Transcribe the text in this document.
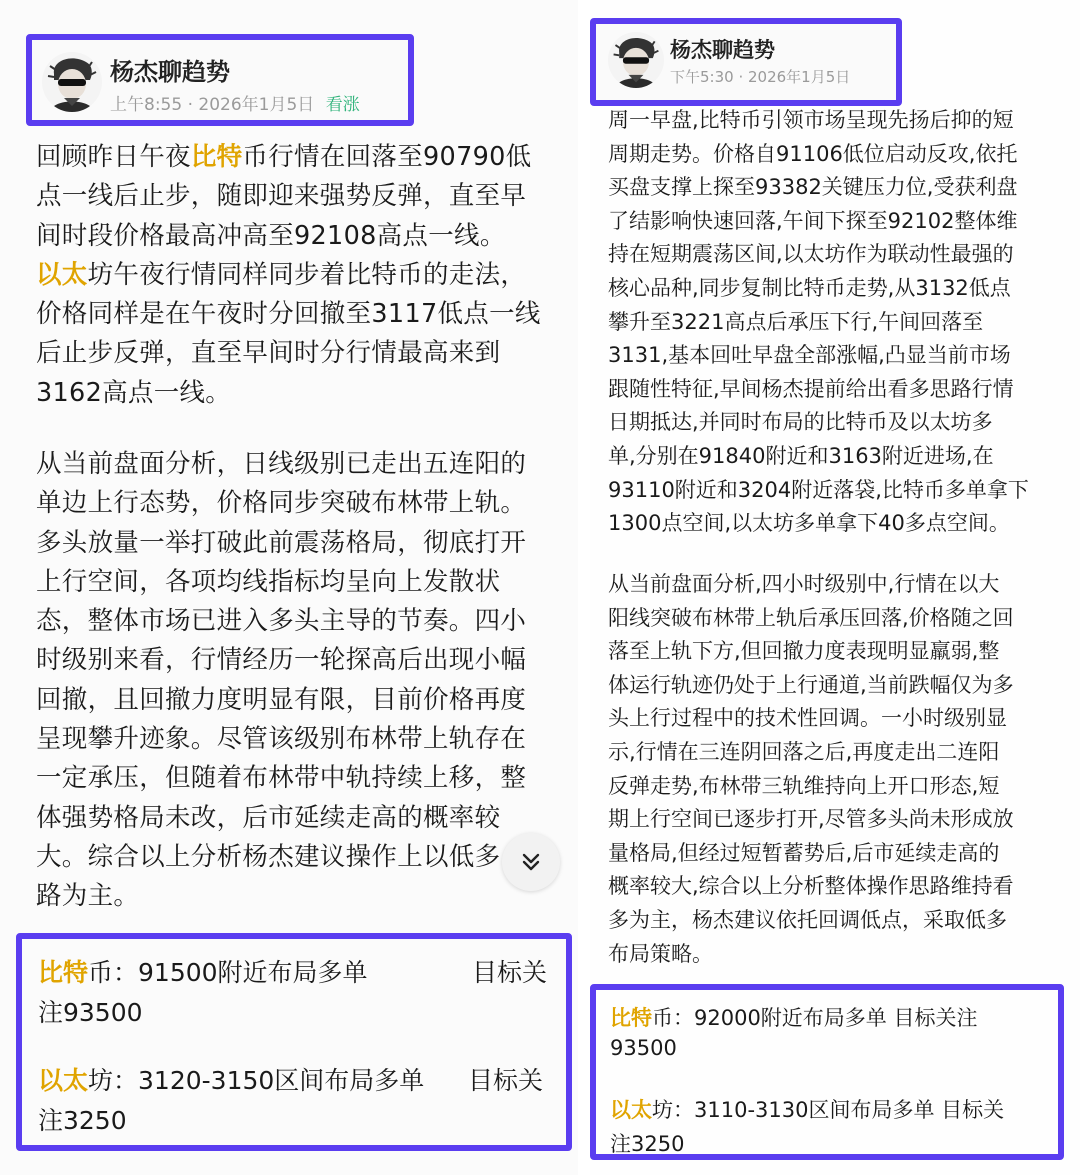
杨杰聊趋势
上午8:55 · 2026年1月5日 看涨
回顾昨日午夜比特币行情在回落至90790低
点一线后止步，随即迎来强势反弹，直至早
间时段价格最高冲高至92108高点一线。
以太坊午夜行情同样同步着比特币的走法，
价格同样是在午夜时分回撤至3117低点一线
后止步反弹，直至早间时分行情最高来到
3162高点一线。
从当前盘面分析，日线级别已走出五连阳的
单边上行态势，价格同步突破布林带上轨。
多头放量一举打破此前震荡格局，彻底打开
上行空间，各项均线指标均呈向上发散状
态，整体市场已进入多头主导的节奏。四小
时级别来看，行情经历一轮探高后出现小幅
回撤，且回撤力度明显有限，目前价格再度
呈现攀升迹象。尽管该级别布林带上轨存在
一定承压，但随着布林带中轨持续上移，整
体强势格局未改，后市延续走高的概率较
大。综合以上分析杨杰建议操作上以低多
路为主。
比特币：91500附近布局多单	目标关
注93500
以太坊：3120-3150区间布局多单 目标关
注3250
杨杰聊趋势
下午5:30 · 2026年1月5日
周一早盘,比特币引领市场呈现先扬后抑的短
周期走势。价格自91106低位启动反攻,依托
买盘支撑上探至93382关键压力位,受获利盘
了结影响快速回落,午间下探至92102整体维
持在短期震荡区间,以太坊作为联动性最强的
核心品种,同步复制比特币走势,从3132低点
攀升至3221高点后承压下行,午间回落至
3131,基本回吐早盘全部涨幅,凸显当前市场
跟随性特征,早间杨杰提前给出看多思路行情
日期抵达,并同时布局的比特币及以太坊多
单,分别在91840附近和3163附近进场,在
93110附近和3204附近落袋,比特币多单拿下
1300点空间,以太坊多单拿下40多点空间。
从当前盘面分析,四小时级别中,行情在以大
阳线突破布林带上轨后承压回落,价格随之回
落至上轨下方,但回撤力度表现明显羸弱,整
体运行轨迹仍处于上行通道,当前跌幅仅为多
头上行过程中的技术性回调。一小时级别显
示,行情在三连阴回落之后,再度走出二连阳
反弹走势,布林带三轨维持向上开口形态,短
期上行空间已逐步打开,尽管多头尚未形成放
量格局,但经过短暂蓄势后,后市延续走高的
概率较大,综合以上分析整体操作思路维持看
多为主，杨杰建议依托回调低点，采取低多
布局策略。
比特币：92000附近布局多单 目标关注
93500
以太坊：3110-3130区间布局多单 目标关
注3250
